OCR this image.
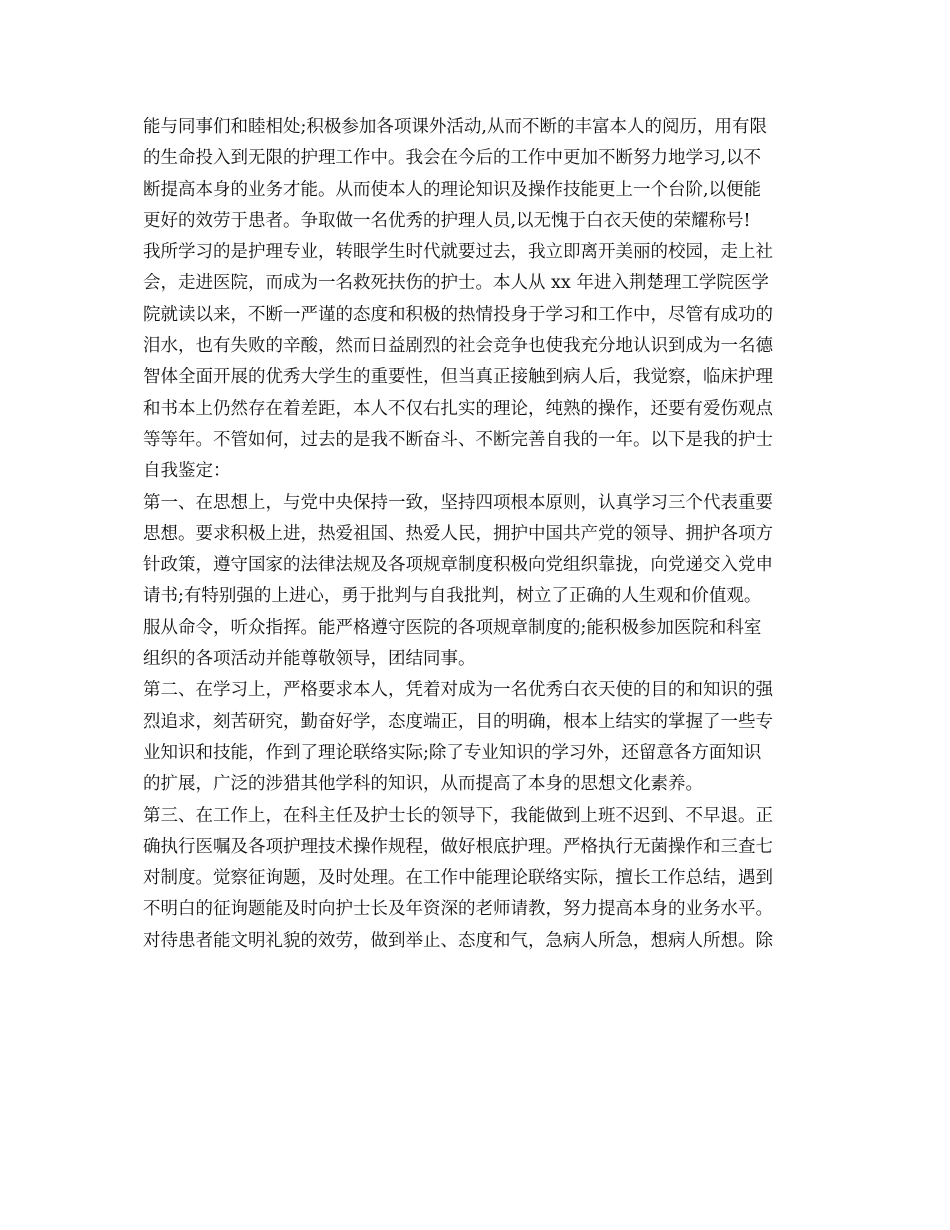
能与同事们和睦相处;积极参加各项课外活动,从而不断的丰富本人的阅历，用有限
的生命投入到无限的护理工作中。我会在今后的工作中更加不断努力地学习,以不
断提高本身的业务才能。从而使本人的理论知识及操作技能更上一个台阶,以便能
更好的效劳于患者。争取做一名优秀的护理人员,以无愧于白衣天使的荣耀称号!
我所学习的是护理专业，转眼学生时代就要过去，我立即离开美丽的校园，走上社
会，走进医院，而成为一名救死扶伤的护士。本人从 xx 年进入荆楚理工学院医学
院就读以来，不断一严谨的态度和积极的热情投身于学习和工作中，尽管有成功的
泪水，也有失败的辛酸，然而日益剧烈的社会竞争也使我充分地认识到成为一名德
智体全面开展的优秀大学生的重要性，但当真正接触到病人后，我觉察，临床护理
和书本上仍然存在着差距，本人不仅右扎实的理论，纯熟的操作，还要有爱伤观点
等等年。不管如何，过去的是我不断奋斗、不断完善自我的一年。以下是我的护士
自我鉴定：
第一、在思想上，与党中央保持一致，坚持四项根本原则，认真学习三个代表重要
思想。要求积极上进，热爱祖国、热爱人民，拥护中国共产党的领导、拥护各项方
针政策，遵守国家的法律法规及各项规章制度积极向党组织靠拢，向党递交入党申
请书;有特别强的上进心，勇于批判与自我批判，树立了正确的人生观和价值观。
服从命令，听众指挥。能严格遵守医院的各项规章制度的;能积极参加医院和科室
组织的各项活动并能尊敬领导，团结同事。
第二、在学习上，严格要求本人，凭着对成为一名优秀白衣天使的目的和知识的强
烈追求，刻苦研究，勤奋好学，态度端正，目的明确，根本上结实的掌握了一些专
业知识和技能，作到了理论联络实际;除了专业知识的学习外，还留意各方面知识
的扩展，广泛的涉猎其他学科的知识，从而提高了本身的思想文化素养。
第三、在工作上，在科主任及护士长的领导下，我能做到上班不迟到、不早退。正
确执行医嘱及各项护理技术操作规程，做好根底护理。严格执行无菌操作和三查七
对制度。觉察征询题，及时处理。在工作中能理论联络实际，擅长工作总结，遇到
不明白的征询题能及时向护士长及年资深的老师请教，努力提高本身的业务水平。
对待患者能文明礼貌的效劳，做到举止、态度和气，急病人所急，想病人所想。除
